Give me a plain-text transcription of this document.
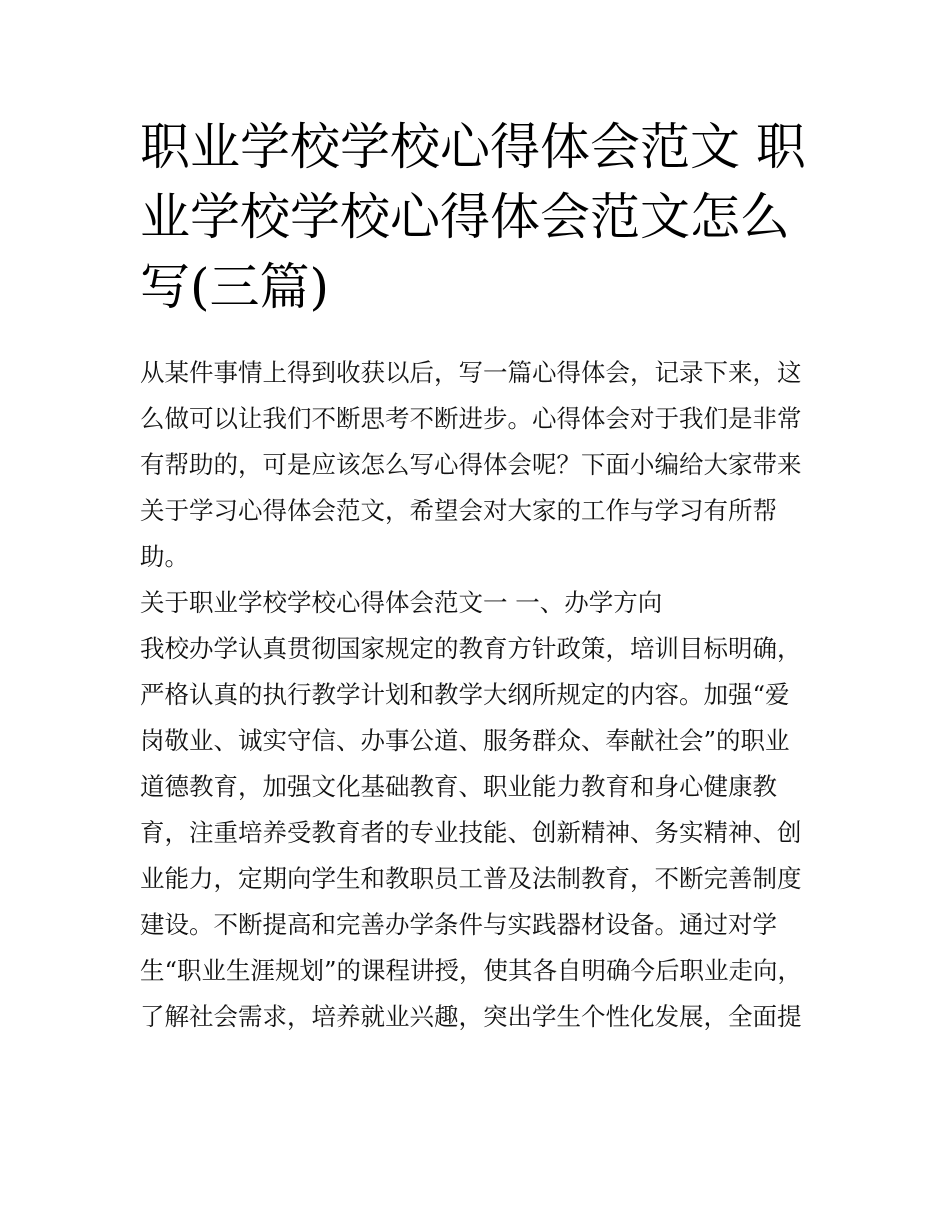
职业学校学校心得体会范文 职
业学校学校心得体会范文怎么
写(三篇)
从某件事情上得到收获以后，写一篇心得体会，记录下来，这
么做可以让我们不断思考不断进步。心得体会对于我们是非常
有帮助的，可是应该怎么写心得体会呢？下面小编给大家带来
关于学习心得体会范文，希望会对大家的工作与学习有所帮
助。
关于职业学校学校心得体会范文一 一、办学方向
我校办学认真贯彻国家规定的教育方针政策，培训目标明确，
严格认真的执行教学计划和教学大纲所规定的内容。加强“爱
岗敬业、诚实守信、办事公道、服务群众、奉献社会”的职业
道德教育，加强文化基础教育、职业能力教育和身心健康教
育，注重培养受教育者的专业技能、创新精神、务实精神、创
业能力，定期向学生和教职员工普及法制教育，不断完善制度
建设。不断提高和完善办学条件与实践器材设备。通过对学
生“职业生涯规划”的课程讲授，使其各自明确今后职业走向，
了解社会需求，培养就业兴趣，突出学生个性化发展，全面提
